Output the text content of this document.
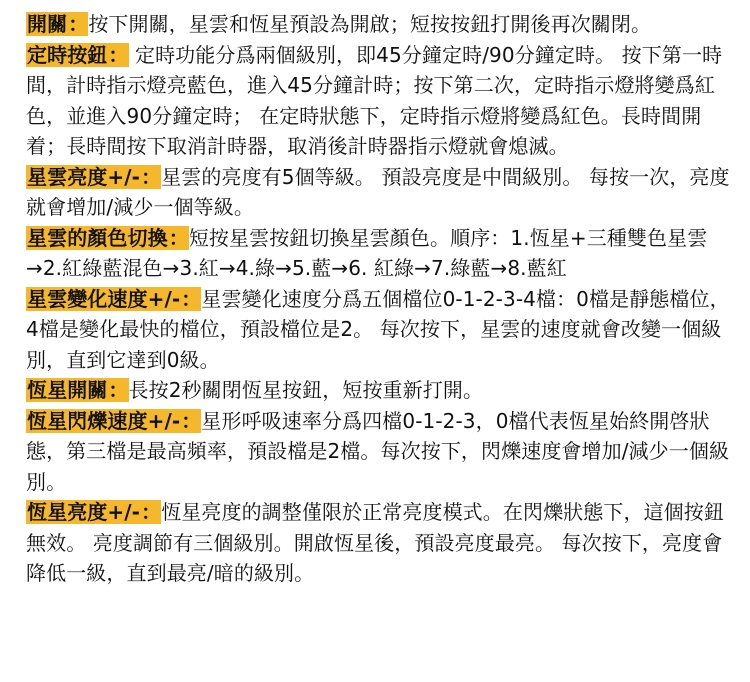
開關：按下開關，星雲和恆星預設為開啟；短按按鈕打開後再次關閉。

定時按鈕： 定時功能分爲兩個級別，即45分鐘定時/90分鐘定時。 按下第一時間，計時指示燈亮藍色，進入45分鐘計時；按下第二次，定時指示燈將變爲紅色，並進入90分鐘定時； 在定時狀態下，定時指示燈將變爲紅色。長時間開着；長時間按下取消計時器，取消後計時器指示燈就會熄滅。

星雲亮度+/-：星雲的亮度有5個等級。 預設亮度是中間級別。 每按一次，亮度就會增加/減少一個等級。

星雲的顏色切換：短按星雲按鈕切換星雲顏色。順序：1.恆星+三種雙色星雲→2.紅綠藍混色→3.紅→4.綠→5.藍→6. 紅綠→7.綠藍→8.藍紅

星雲變化速度+/-：星雲變化速度分爲五個檔位0-1-2-3-4檔：0檔是靜態檔位，4檔是變化最快的檔位，預設檔位是2。 每次按下，星雲的速度就會改變一個級別，直到它達到0級。

恆星開關：長按2秒關閉恆星按鈕，短按重新打開。

恆星閃爍速度+/-：星形呼吸速率分爲四檔0-1-2-3，0檔代表恆星始終開啓狀態，第三檔是最高頻率，預設檔是2檔。每次按下，閃爍速度會增加/減少一個級別。

恆星亮度+/-：恆星亮度的調整僅限於正常亮度模式。在閃爍狀態下，這個按鈕無效。 亮度調節有三個級別。開啟恆星後，預設亮度最亮。 每次按下，亮度會降低一級，直到最亮/暗的級別。
